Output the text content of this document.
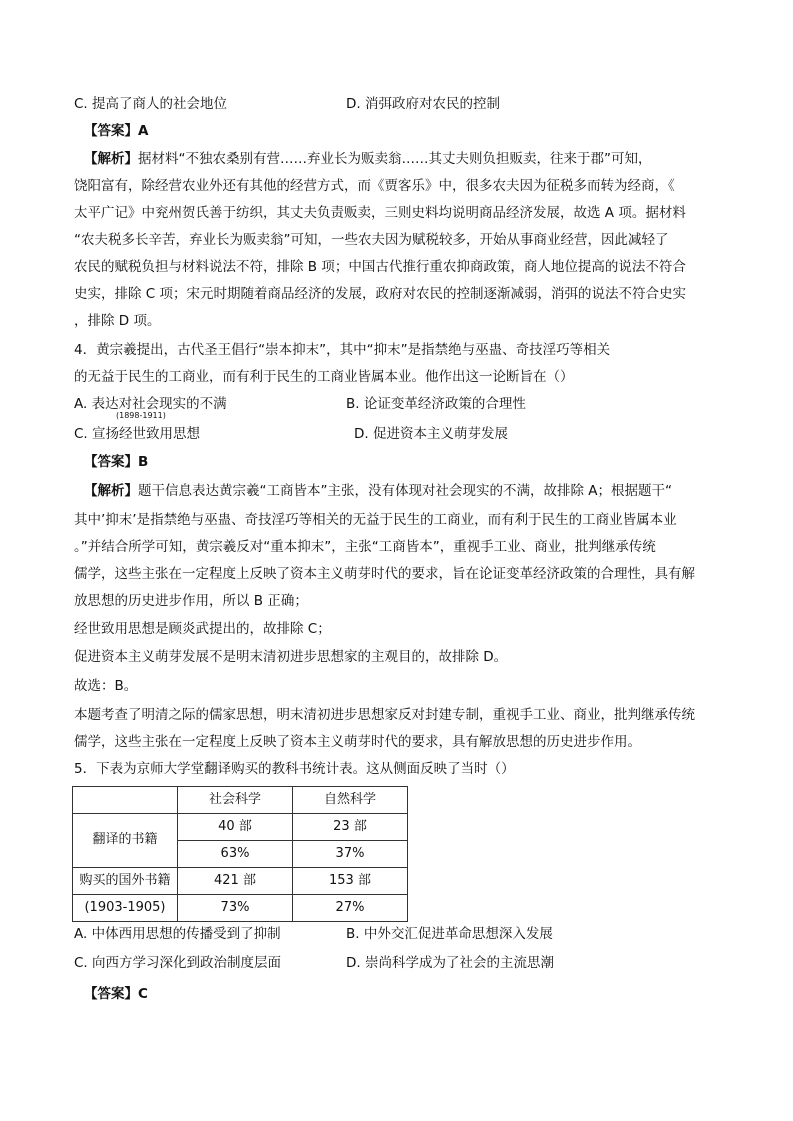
C. 提高了商人的社会地位	D. 消弭政府对农民的控制
【答案】A
【解析】据材料“不独农桑别有营……弃业长为贩卖翁……其丈夫则负担贩卖，往来于郡”可知，
饶阳富有，除经营农业外还有其他的经营方式，而《贾客乐》中，很多农夫因为征税多而转为经商，《
太平广记》中兖州贺氏善于纺织，其丈夫负责贩卖，三则史料均说明商品经济发展，故选 A 项。据材料
“农夫税多长辛苦，弃业长为贩卖翁”可知，一些农夫因为赋税较多，开始从事商业经营，因此减轻了
农民的赋税负担与材料说法不符，排除 B 项；中国古代推行重农抑商政策，商人地位提高的说法不符合
史实，排除 C 项；宋元时期随着商品经济的发展，政府对农民的控制逐渐减弱，消弭的说法不符合史实
，排除 D 项。
4．黄宗羲提出，古代圣王倡行“崇本抑末”，其中“抑末”是指禁绝与巫蛊、奇技淫巧等相关
的无益于民生的工商业，而有利于民生的工商业皆属本业。他作出这一论断旨在（）
A. 表达对社会现实的不满
(1898-1911)
B. 论证变革经济政策的合理性
C. 宣扬经世致用思想	D. 促进资本主义萌芽发展
【答案】B
【解析】题干信息表达黄宗羲“工商皆本”主张，没有体现对社会现实的不满，故排除 A；根据题干“
其中’抑末’是指禁绝与巫蛊、奇技淫巧等相关的无益于民生的工商业，而有利于民生的工商业皆属本业
。”并结合所学可知，黄宗羲反对“重本抑末”，主张“工商皆本”，重视手工业、商业，批判继承传统
儒学，这些主张在一定程度上反映了资本主义萌芽时代的要求，旨在论证变革经济政策的合理性，具有解
放思想的历史进步作用，所以 B 正确；
经世致用思想是顾炎武提出的，故排除 C；
促进资本主义萌芽发展不是明末清初进步思想家的主观目的，故排除 D。
故选：B。
本题考查了明清之际的儒家思想，明末清初进步思想家反对封建专制，重视手工业、商业，批判继承传统
儒学，这些主张在一定程度上反映了资本主义萌芽时代的要求，具有解放思想的历史进步作用。
5．下表为京师大学堂翻译购买的教科书统计表。这从侧面反映了当时（）
	社会科学	自然科学
翻译的书籍	40 部	23 部
	63%	37%
购买的国外书籍	421 部	153 部
(1903-1905)	73%	27%
A. 中体西用思想的传播受到了抑制	B. 中外交汇促进革命思想深入发展
C. 向西方学习深化到政治制度层面	D. 崇尚科学成为了社会的主流思潮
【答案】C
